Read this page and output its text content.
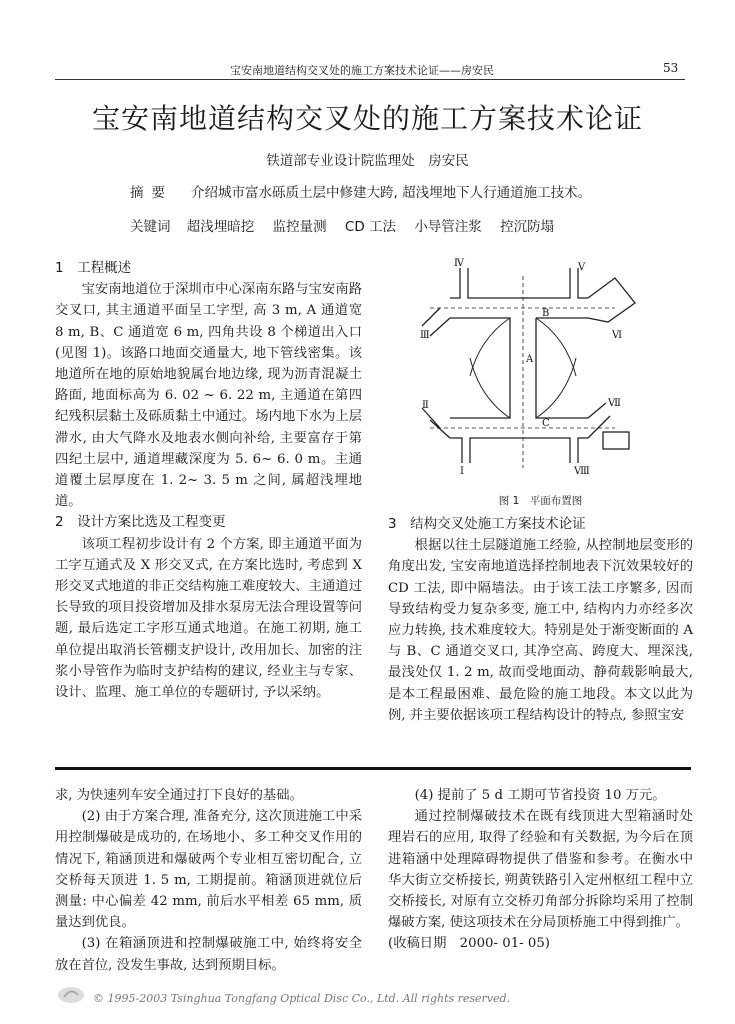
宝安南地道结构交叉处的施工方案技术论证——房安民	53
宝安南地道结构交叉处的施工方案技术论证
铁道部专业设计院监理处　房安民
摘要 介绍城市富水砾质土层中修建大跨, 超浅埋地下人行通道施工技术。
关键词 超浅埋暗挖 监控量测 CD 工法 小导管注浆 控沉防塌
1　工程概述

宝安南地道位于深圳市中心深南东路与宝安南路交叉口, 其主通道平面呈工字型, 高 3 m, A 通道宽 8 m, B、C 通道宽 6 m, 四角共设 8 个梯道出入口(见图 1)。该路口地面交通量大, 地下管线密集。该地道所在地的原始地貌属台地边缘, 现为沥青混凝土路面, 地面标高为 6. 02 ~ 6. 22 m, 主通道在第四纪残积层黏土及砾质黏土中通过。场内地下水为上层滞水, 由大气降水及地表水侧向补给, 主要富存于第四纪土层中, 通道埋藏深度为 5. 6~ 6. 0 m。主通道覆土层厚度在 1. 2~ 3. 5 m 之间, 属超浅埋地道。

2　设计方案比选及工程变更

该项工程初步设计有 2 个方案, 即主通道平面为工字互通式及 X 形交叉式, 在方案比选时, 考虑到 X 形交叉式地道的非正交结构施工难度较大、主通道过长导致的项目投资增加及排水泵房无法合理设置等问题, 最后选定工字形互通式地道。在施工初期, 施工单位提出取消长管棚支护设计, 改用加长、加密的注浆小导管作为临时支护结构的建议, 经业主与专家、设计、监理、施工单位的专题研讨, 予以采纳。

Ⅳ	Ⅴ
Ⅲ	Ⅵ
Ⅱ	Ⅶ
Ⅰ	Ⅷ
A
B
C
图 1　平面布置图
3　结构交叉处施工方案技术论证

根据以往土层隧道施工经验, 从控制地层变形的角度出发, 宝安南地道选择控制地表下沉效果较好的 CD 工法, 即中隔墙法。由于该工法工序繁多, 因而导致结构受力复杂多变, 施工中, 结构内力亦经多次应力转换, 技术难度较大。特别是处于渐变断面的 A 与 B、C 通道交叉口, 其净空高、跨度大、埋深浅, 最浅处仅 1. 2 m, 故而受地面动、静荷载影响最大, 是本工程最困难、最危险的施工地段。本文以此为例, 并主要依据该项工程结构设计的特点, 参照宝安

求, 为快速列车安全通过打下良好的基础。

(2) 由于方案合理, 准备充分, 这次顶进施工中采用控制爆破是成功的, 在场地小、多工种交叉作用的情况下, 箱涵顶进和爆破两个专业相互密切配合, 立交桥每天顶进 1. 5 m, 工期提前。箱涵顶进就位后测量: 中心偏差 42 mm, 前后水平相差 65 mm, 质量达到优良。

(3) 在箱涵顶进和控制爆破施工中, 始终将安全放在首位, 没发生事故, 达到预期目标。

(4) 提前了 5 d 工期可节省投资 10 万元。

通过控制爆破技术在既有线顶进大型箱涵时处理岩石的应用, 取得了经验和有关数据, 为今后在顶进箱涵中处理障碍物提供了借鉴和参考。在衡水中华大街立交桥接长, 朔黄铁路引入定州枢纽工程中立交桥接长, 对原有立交桥刃角部分拆除均采用了控制爆破方案, 使这项技术在分局顶桥施工中得到推广。

(收稿日期　2000- 01- 05)

© 1995-2003 Tsinghua Tongfang Optical Disc Co., Ltd. All rights reserved.
